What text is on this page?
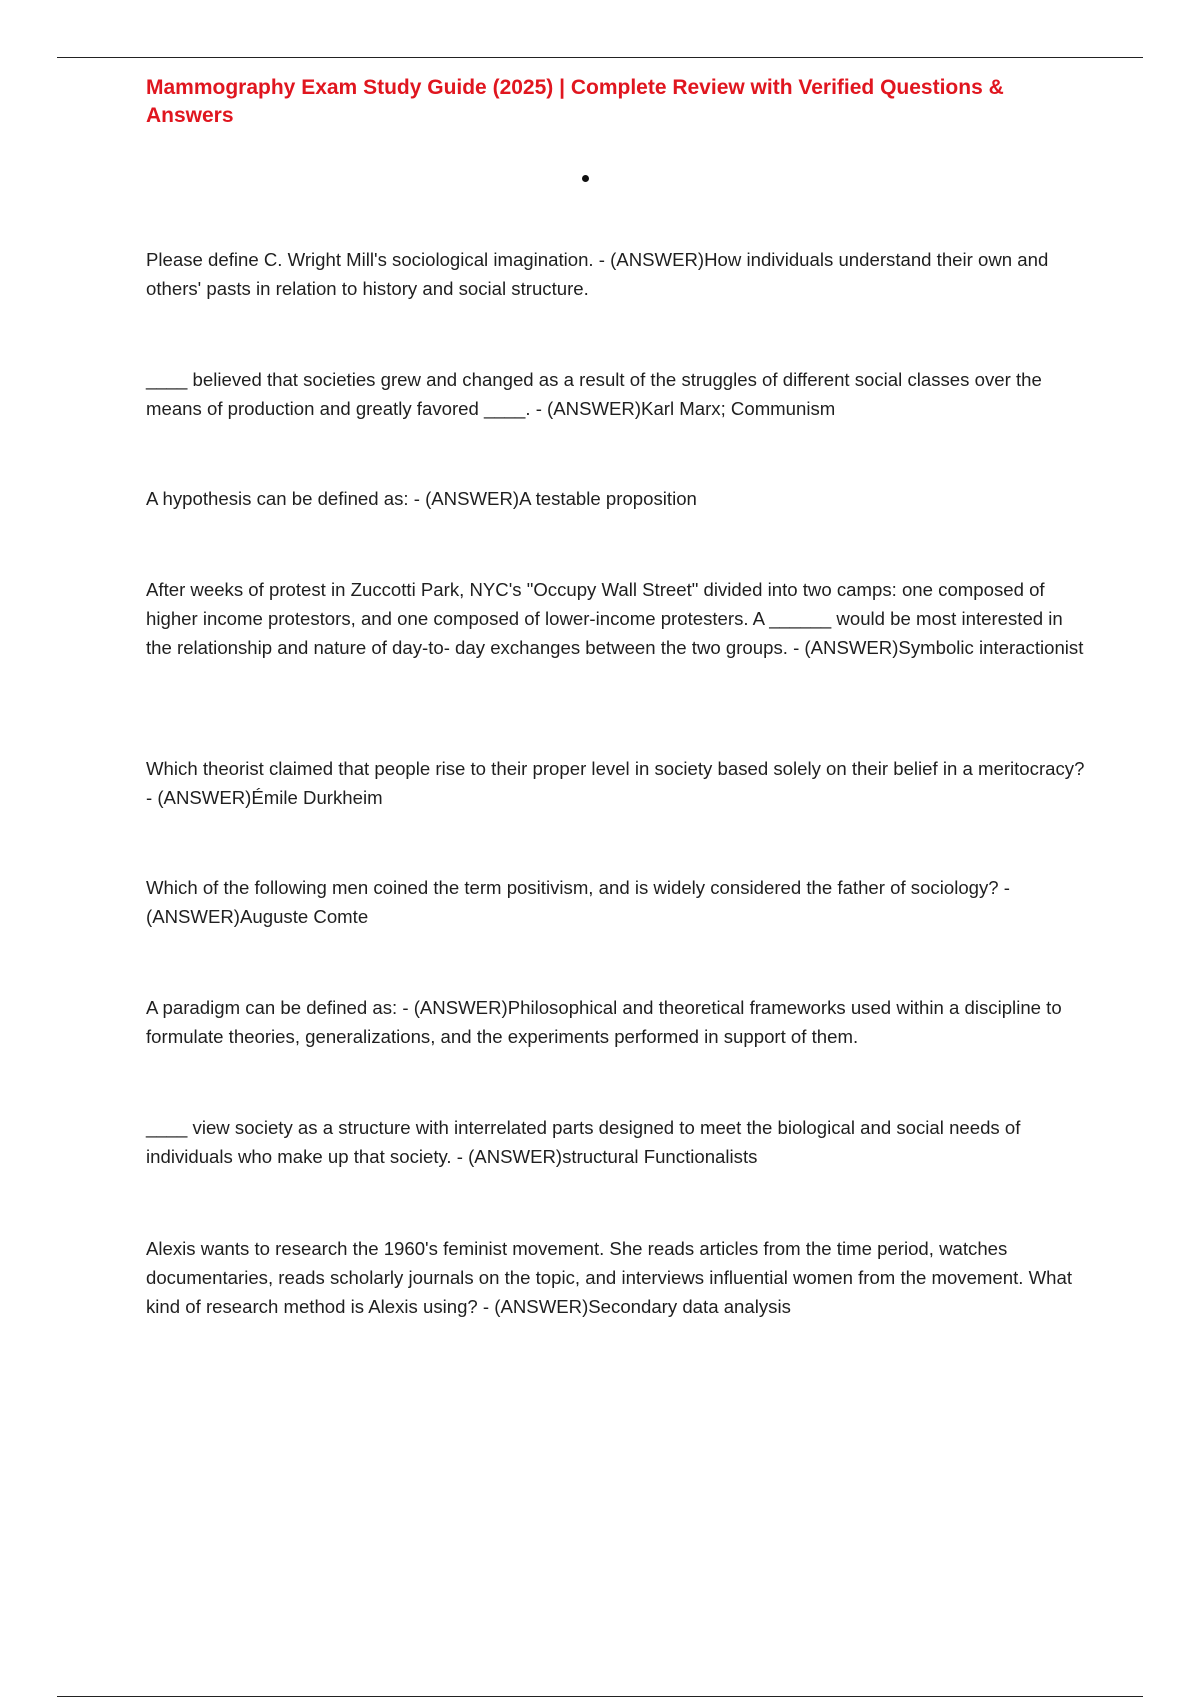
Mammography Exam Study Guide (2025) | Complete Review with Verified Questions & Answers

Please define C. Wright Mill's sociological imagination. - (ANSWER)How individuals understand their own and others' pasts in relation to history and social structure.

____ believed that societies grew and changed as a result of the struggles of different social classes over the means of production and greatly favored ____. - (ANSWER)Karl Marx; Communism

A hypothesis can be defined as: - (ANSWER)A testable proposition

After weeks of protest in Zuccotti Park, NYC's "Occupy Wall Street" divided into two camps: one composed of higher income protestors, and one composed of lower-income protesters. A ______ would be most interested in the relationship and nature of day-to- day exchanges between the two groups. - (ANSWER)Symbolic interactionist

Which theorist claimed that people rise to their proper level in society based solely on their belief in a meritocracy? - (ANSWER)Émile Durkheim

Which of the following men coined the term positivism, and is widely considered the father of sociology? - (ANSWER)Auguste Comte

A paradigm can be defined as: - (ANSWER)Philosophical and theoretical frameworks used within a discipline to formulate theories, generalizations, and the experiments performed in support of them.

____ view society as a structure with interrelated parts designed to meet the biological and social needs of individuals who make up that society. - (ANSWER)structural Functionalists

Alexis wants to research the 1960's feminist movement. She reads articles from the time period, watches documentaries, reads scholarly journals on the topic, and interviews influential women from the movement. What kind of research method is Alexis using? - (ANSWER)Secondary data analysis
